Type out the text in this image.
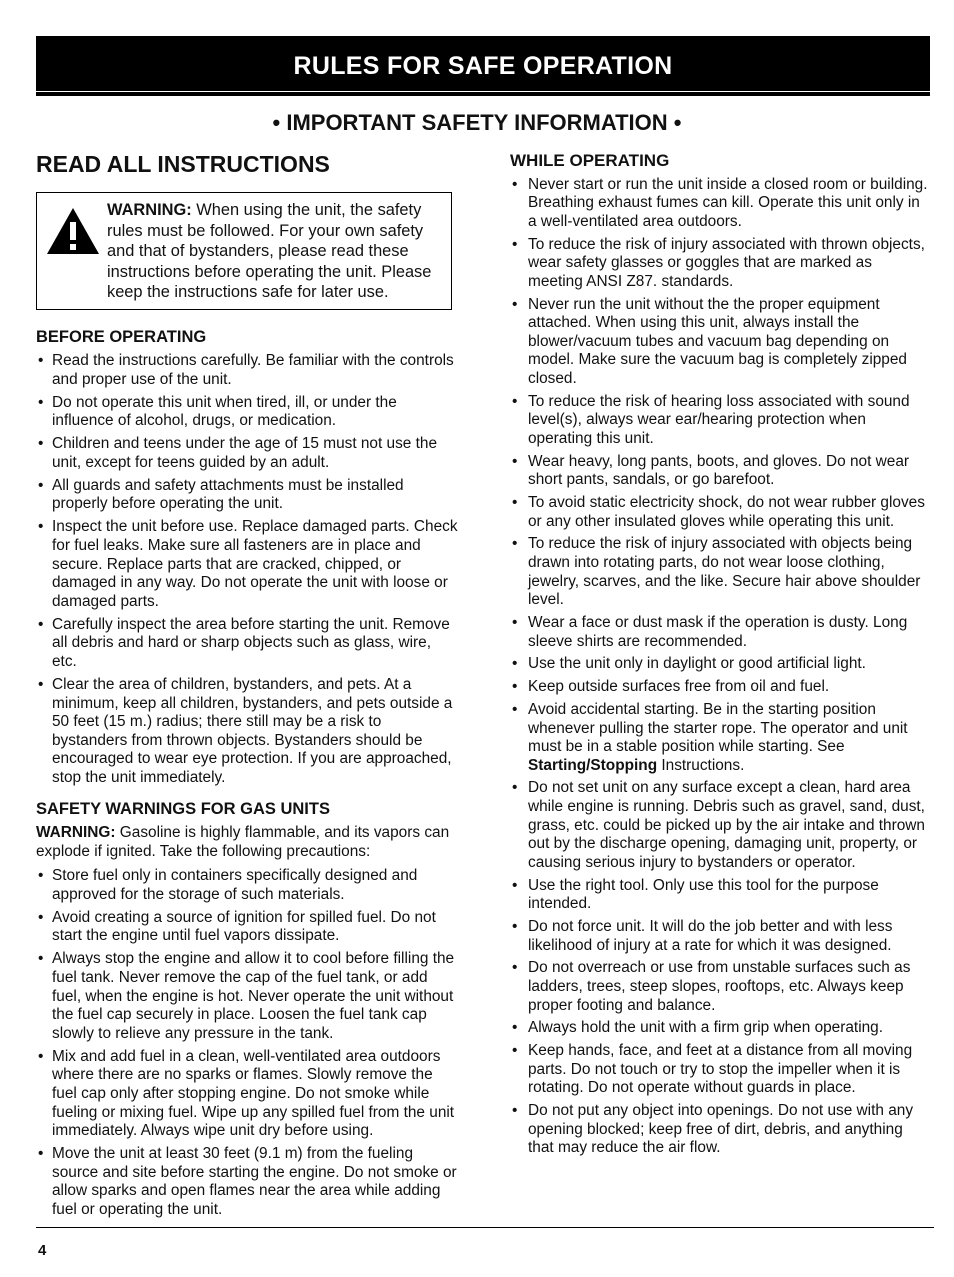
RULES FOR SAFE OPERATION
• IMPORTANT SAFETY INFORMATION •
READ ALL INSTRUCTIONS
WARNING: When using the unit, the safety rules must be followed. For your own safety and that of bystanders, please read these instructions before operating the unit. Please keep the instructions safe for later use.
BEFORE OPERATING
• Read the instructions carefully. Be familiar with the controls and proper use of the unit.
• Do not operate this unit when tired, ill, or under the influence of alcohol, drugs, or medication.
• Children and teens under the age of 15 must not use the unit, except for teens guided by an adult.
• All guards and safety attachments must be installed properly before operating the unit.
• Inspect the unit before use. Replace damaged parts. Check for fuel leaks. Make sure all fasteners are in place and secure. Replace parts that are cracked, chipped, or damaged in any way. Do not operate the unit with loose or damaged parts.
• Carefully inspect the area before starting the unit. Remove all debris and hard or sharp objects such as glass, wire, etc.
• Clear the area of children, bystanders, and pets. At a minimum, keep all children, bystanders, and pets outside a 50 feet (15 m.) radius; there still may be a risk to bystanders from thrown objects. Bystanders should be encouraged to wear eye protection. If you are approached, stop the unit immediately.
SAFETY WARNINGS FOR GAS UNITS
WARNING: Gasoline is highly flammable, and its vapors can explode if ignited. Take the following precautions:
• Store fuel only in containers specifically designed and approved for the storage of such materials.
• Avoid creating a source of ignition for spilled fuel. Do not start the engine until fuel vapors dissipate.
• Always stop the engine and allow it to cool before filling the fuel tank. Never remove the cap of the fuel tank, or add fuel, when the engine is hot. Never operate the unit without the fuel cap securely in place. Loosen the fuel tank cap slowly to relieve any pressure in the tank.
• Mix and add fuel in a clean, well-ventilated area outdoors where there are no sparks or flames. Slowly remove the fuel cap only after stopping engine. Do not smoke while fueling or mixing fuel. Wipe up any spilled fuel from the unit immediately. Always wipe unit dry before using.
• Move the unit at least 30 feet (9.1 m) from the fueling source and site before starting the engine. Do not smoke or allow sparks and open flames near the area while adding fuel or operating the unit.
WHILE OPERATING
• Never start or run the unit inside a closed room or building. Breathing exhaust fumes can kill. Operate this unit only in a well-ventilated area outdoors.
• To reduce the risk of injury associated with thrown objects, wear safety glasses or goggles that are marked as meeting ANSI Z87. standards.
• Never run the unit without the the proper equipment attached. When using this unit, always install the blower/vacuum tubes and vacuum bag depending on model. Make sure the vacuum bag is completely zipped closed.
• To reduce the risk of hearing loss associated with sound level(s), always wear ear/hearing protection when operating this unit.
• Wear heavy, long pants, boots, and gloves. Do not wear short pants, sandals, or go barefoot.
• To avoid static electricity shock, do not wear rubber gloves or any other insulated gloves while operating this unit.
• To reduce the risk of injury associated with objects being drawn into rotating parts, do not wear loose clothing, jewelry, scarves, and the like. Secure hair above shoulder level.
• Wear a face or dust mask if the operation is dusty. Long sleeve shirts are recommended.
• Use the unit only in daylight or good artificial light.
• Keep outside surfaces free from oil and fuel.
• Avoid accidental starting. Be in the starting position whenever pulling the starter rope. The operator and unit must be in a stable position while starting. See Starting/Stopping Instructions.
• Do not set unit on any surface except a clean, hard area while engine is running. Debris such as gravel, sand, dust, grass, etc. could be picked up by the air intake and thrown out by the discharge opening, damaging unit, property, or causing serious injury to bystanders or operator.
• Use the right tool. Only use this tool for the purpose intended.
• Do not force unit. It will do the job better and with less likelihood of injury at a rate for which it was designed.
• Do not overreach or use from unstable surfaces such as ladders, trees, steep slopes, rooftops, etc. Always keep proper footing and balance.
• Always hold the unit with a firm grip when operating.
• Keep hands, face, and feet at a distance from all moving parts. Do not touch or try to stop the impeller when it is rotating. Do not operate without guards in place.
• Do not put any object into openings. Do not use with any opening blocked; keep free of dirt, debris, and anything that may reduce the air flow.
4
